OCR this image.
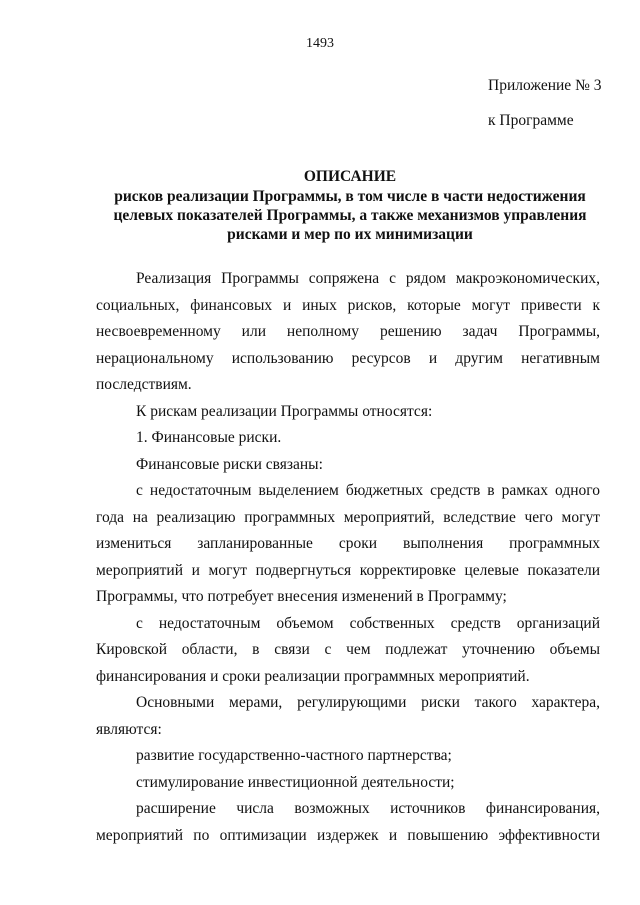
1493
Приложение № 3
к Программе
ОПИСАНИЕ
рисков реализации Программы, в том числе в части недостижения целевых показателей Программы, а также механизмов управления рисками и мер по их минимизации

Реализация Программы сопряжена с рядом макроэкономических, социальных, финансовых и иных рисков, которые могут привести к несвоевременному или неполному решению задач Программы, нерациональному использованию ресурсов и другим негативным последствиям.

К рискам реализации Программы относятся:

1. Финансовые риски.

Финансовые риски связаны:

с недостаточным выделением бюджетных средств в рамках одного года на реализацию программных мероприятий, вследствие чего могут измениться запланированные сроки выполнения программных мероприятий и могут подвергнуться корректировке целевые показатели Программы, что потребует внесения изменений в Программу;

с недостаточным объемом собственных средств организаций Кировской области, в связи с чем подлежат уточнению объемы финансирования и сроки реализации программных мероприятий.

Основными мерами, регулирующими риски такого характера, являются:

развитие государственно-частного партнерства;

стимулирование инвестиционной деятельности;

расширение числа возможных источников финансирования, мероприятий по оптимизации издержек и повышению эффективности
